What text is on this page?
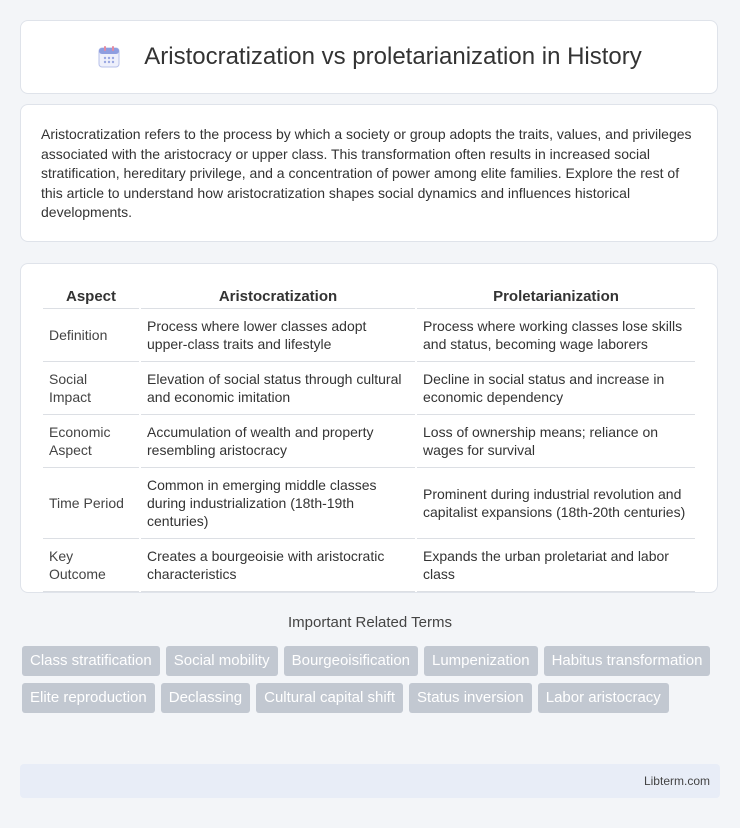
Aristocratization vs proletarianization in History

Aristocratization refers to the process by which a society or group adopts the traits, values, and privileges associated with the aristocracy or upper class. This transformation often results in increased social stratification, hereditary privilege, and a concentration of power among elite families. Explore the rest of this article to understand how aristocratization shapes social dynamics and influences historical developments.

Aspect	Aristocratization	Proletarianization
Definition	Process where lower classes adopt upper-class traits and lifestyle	Process where working classes lose skills and status, becoming wage laborers
Social Impact	Elevation of social status through cultural and economic imitation	Decline in social status and increase in economic dependency
Economic Aspect	Accumulation of wealth and property resembling aristocracy	Loss of ownership means; reliance on wages for survival
Time Period	Common in emerging middle classes during industrialization (18th-19th centuries)	Prominent during industrial revolution and capitalist expansions (18th-20th centuries)
Key Outcome	Creates a bourgeoisie with aristocratic characteristics	Expands the urban proletariat and labor class
Important Related Terms
Class stratification	Social mobility	Bourgeoisification	Lumpenization	Habitus transformation
Elite reproduction	Declassing	Cultural capital shift	Status inversion	Labor aristocracy
Libterm.com
